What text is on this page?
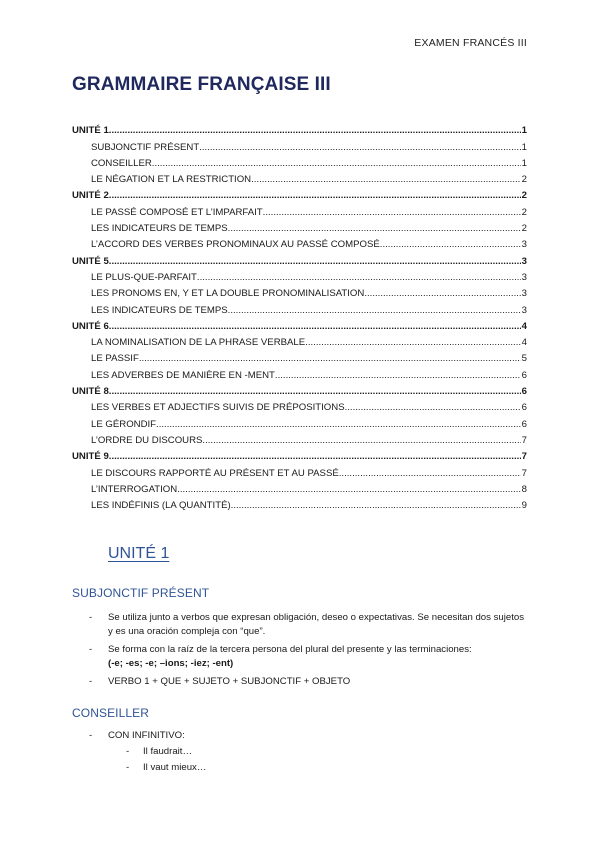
EXAMEN FRANCÉS III
GRAMMAIRE FRANÇAISE III
UNITÉ 1 .....	1
SUBJONCTIF PRÉSENT .....	1
CONSEILLER .....	1
LE NÉGATION ET LA RESTRICTION .....	2
UNITÉ 2 .....	2
LE PASSÉ COMPOSÉ ET L’IMPARFAIT .....	2
LES INDICATEURS DE TEMPS .....	2
L’ACCORD DES VERBES PRONOMINAUX AU PASSÉ COMPOSÉ .....	3
UNITÉ 5 .....	3
LE PLUS-QUE-PARFAIT .....	3
LES PRONOMS EN, Y ET LA DOUBLE PRONOMINALISATION .....	3
LES INDICATEURS DE TEMPS .....	3
UNITÉ 6 .....	4
LA NOMINALISATION DE LA PHRASE VERBALE .....	4
LE PASSIF .....	5
LES ADVERBES DE MANIÈRE EN -MENT .....	6
UNITÉ 8 .....	6
LES VERBES ET ADJECTIFS SUIVIS DE PRÉPOSITIONS .....	6
LE GÉRONDIF .....	6
L’ORDRE DU DISCOURS .....	7
UNITÉ 9 .....	7
LE DISCOURS RAPPORTÉ AU PRÉSENT ET AU PASSÉ .....	7
L’INTERROGATION .....	8
LES INDÉFINIS (LA QUANTITÉ) .....	9
UNITÉ 1
SUBJONCTIF PRÉSENT
- Se utiliza junto a verbos que expresan obligación, deseo o expectativas. Se necesitan dos sujetos y es una oración compleja con “que”.
- Se forma con la raíz de la tercera persona del plural del presente y las terminaciones:
(-e; -es; -e; –ions; -iez; -ent)
- VERBO 1 + QUE + SUJETO + SUBJONCTIF + OBJETO
CONSEILLER
- CON INFINITIVO:
- Il faudrait…
- Il vaut mieux…
